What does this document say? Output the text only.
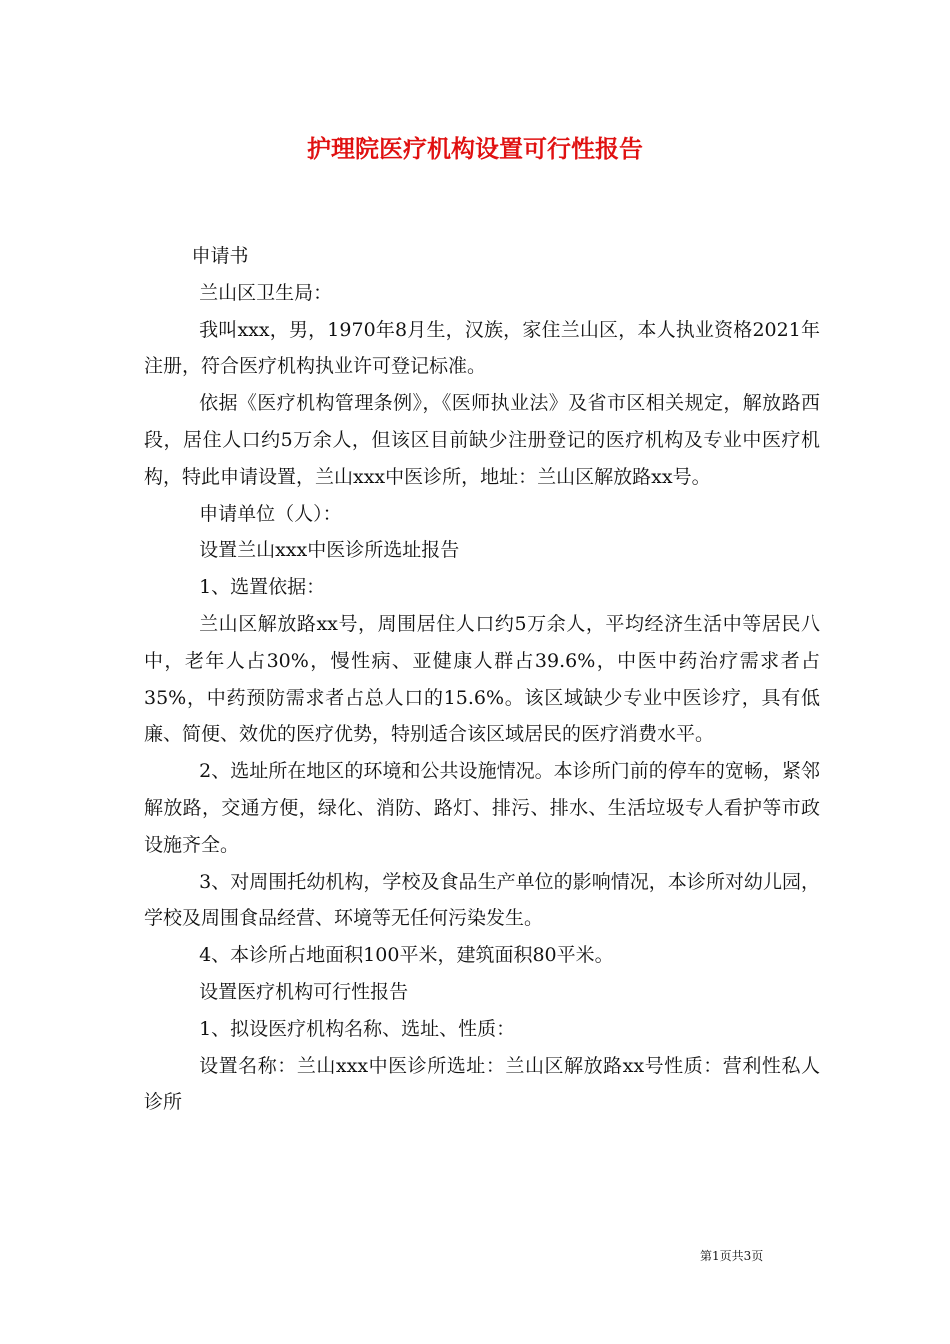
护理院医疗机构设置可行性报告

申请书

兰山区卫生局：

我叫xxx，男，1970年8月生，汉族，家住兰山区，本人执业资格2021年注册，符合医疗机构执业许可登记标准。

依据《医疗机构管理条例》，《医师执业法》及省市区相关规定，解放路西段，居住人口约5万余人，但该区目前缺少注册登记的医疗机构及专业中医疗机构，特此申请设置，兰山xxx中医诊所，地址：兰山区解放路xx号。

申请单位（人）：

设置兰山xxx中医诊所选址报告

1、选置依据：

兰山区解放路xx号，周围居住人口约5万余人，平均经济生活中等居民八中，老年人占30%，慢性病、亚健康人群占39.6%，中医中药治疗需求者占35%，中药预防需求者占总人口的15.6%。该区域缺少专业中医诊疗，具有低廉、简便、效优的医疗优势，特别适合该区域居民的医疗消费水平。

2、选址所在地区的环境和公共设施情况。本诊所门前的停车的宽畅，紧邻解放路，交通方便，绿化、消防、路灯、排污、排水、生活垃圾专人看护等市政设施齐全。

3、对周围托幼机构，学校及食品生产单位的影响情况，本诊所对幼儿园，学校及周围食品经营、环境等无任何污染发生。

4、本诊所占地面积100平米，建筑面积80平米。

设置医疗机构可行性报告

1、拟设医疗机构名称、选址、性质：

设置名称：兰山xxx中医诊所选址：兰山区解放路xx号性质：营利性私人诊所

第1页共3页
